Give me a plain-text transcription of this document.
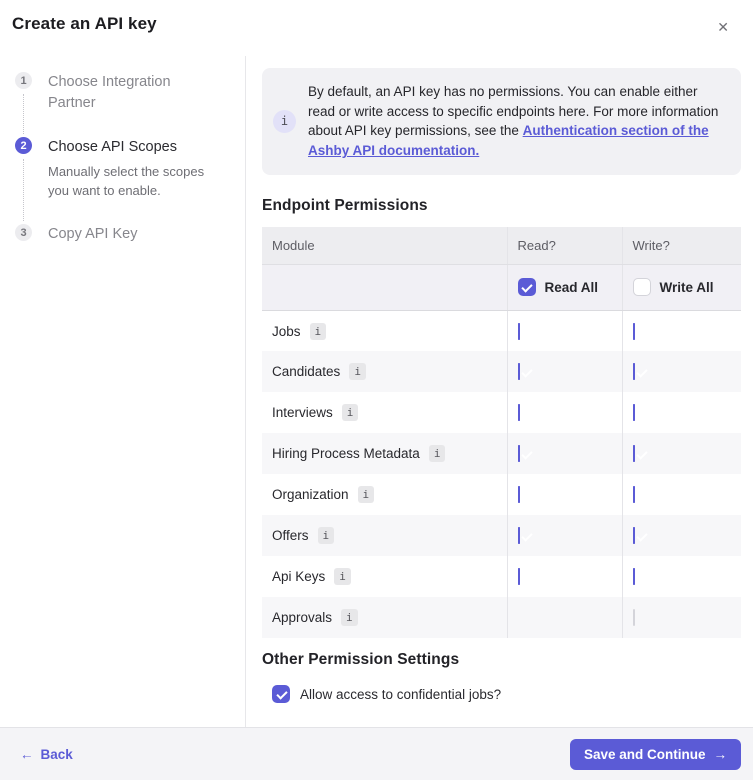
Create an API key	✕
1	Choose Integration Partner
2	Choose API Scopes
Manually select the scopes you want to enable.
3	Copy API Key
i
By default, an API key has no permissions. You can enable either read or write access to specific endpoints here. For more information about API key permissions, see the Authentication section of the Ashby API documentation.
Endpoint Permissions
Module	Read?	Write?

	Read All	Write All

Jobs i		
Candidates i		
Interviews i		
Hiring Process Metadata i		
Organization i		
Offers i		
Api Keys i		
Approvals i		
Other Permission Settings
Allow access to confidential jobs?
← Back	Save and Continue →
